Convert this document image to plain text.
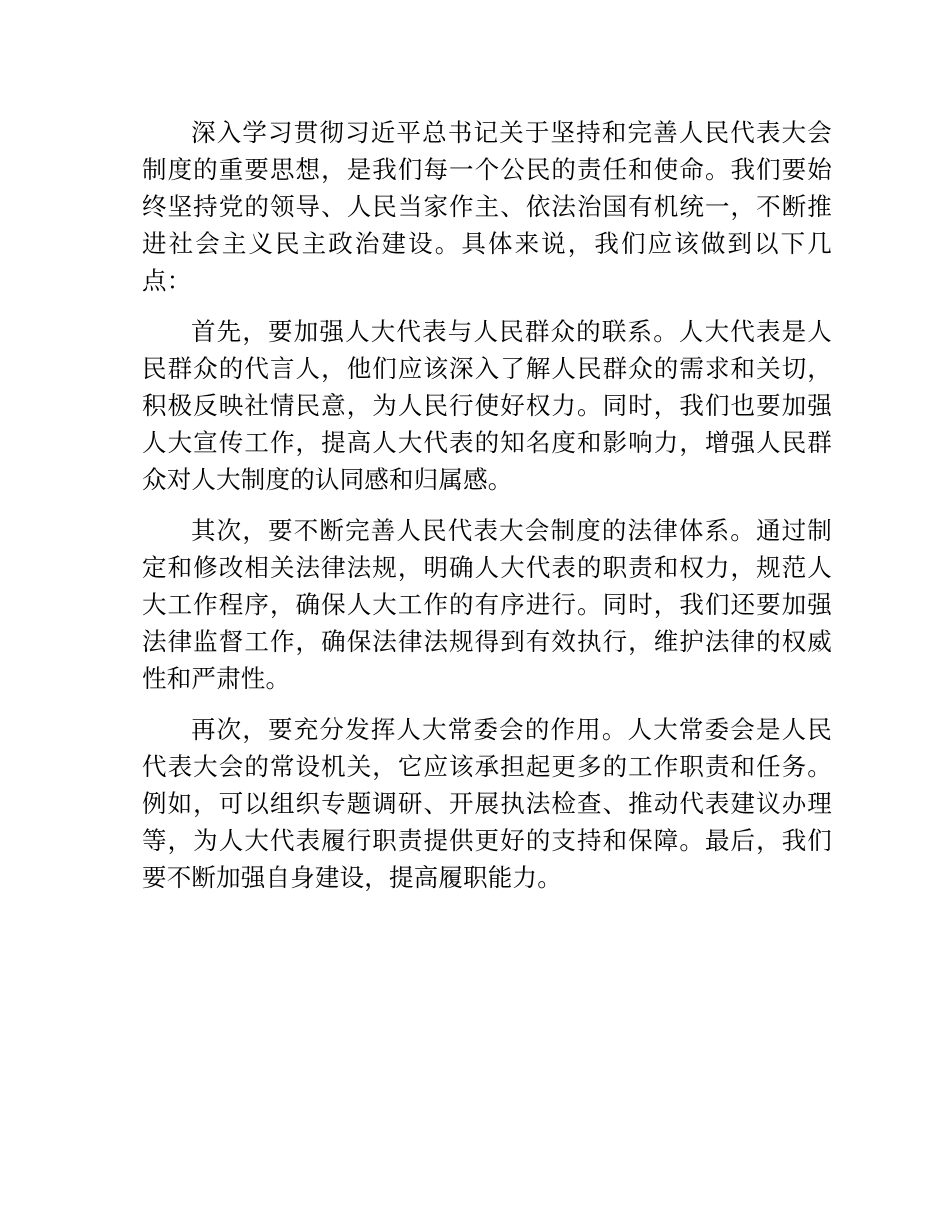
深入学习贯彻习近平总书记关于坚持和完善人民代表大会制度的重要思想，是我们每一个公民的责任和使命。我们要始终坚持党的领导、人民当家作主、依法治国有机统一，不断推进社会主义民主政治建设。具体来说，我们应该做到以下几点：

首先，要加强人大代表与人民群众的联系。人大代表是人民群众的代言人，他们应该深入了解人民群众的需求和关切，积极反映社情民意，为人民行使好权力。同时，我们也要加强人大宣传工作，提高人大代表的知名度和影响力，增强人民群众对人大制度的认同感和归属感。

其次，要不断完善人民代表大会制度的法律体系。通过制定和修改相关法律法规，明确人大代表的职责和权力，规范人大工作程序，确保人大工作的有序进行。同时，我们还要加强法律监督工作，确保法律法规得到有效执行，维护法律的权威性和严肃性。

再次，要充分发挥人大常委会的作用。人大常委会是人民代表大会的常设机关，它应该承担起更多的工作职责和任务。例如，可以组织专题调研、开展执法检查、推动代表建议办理等，为人大代表履行职责提供更好的支持和保障。最后，我们要不断加强自身建设，提高履职能力。
